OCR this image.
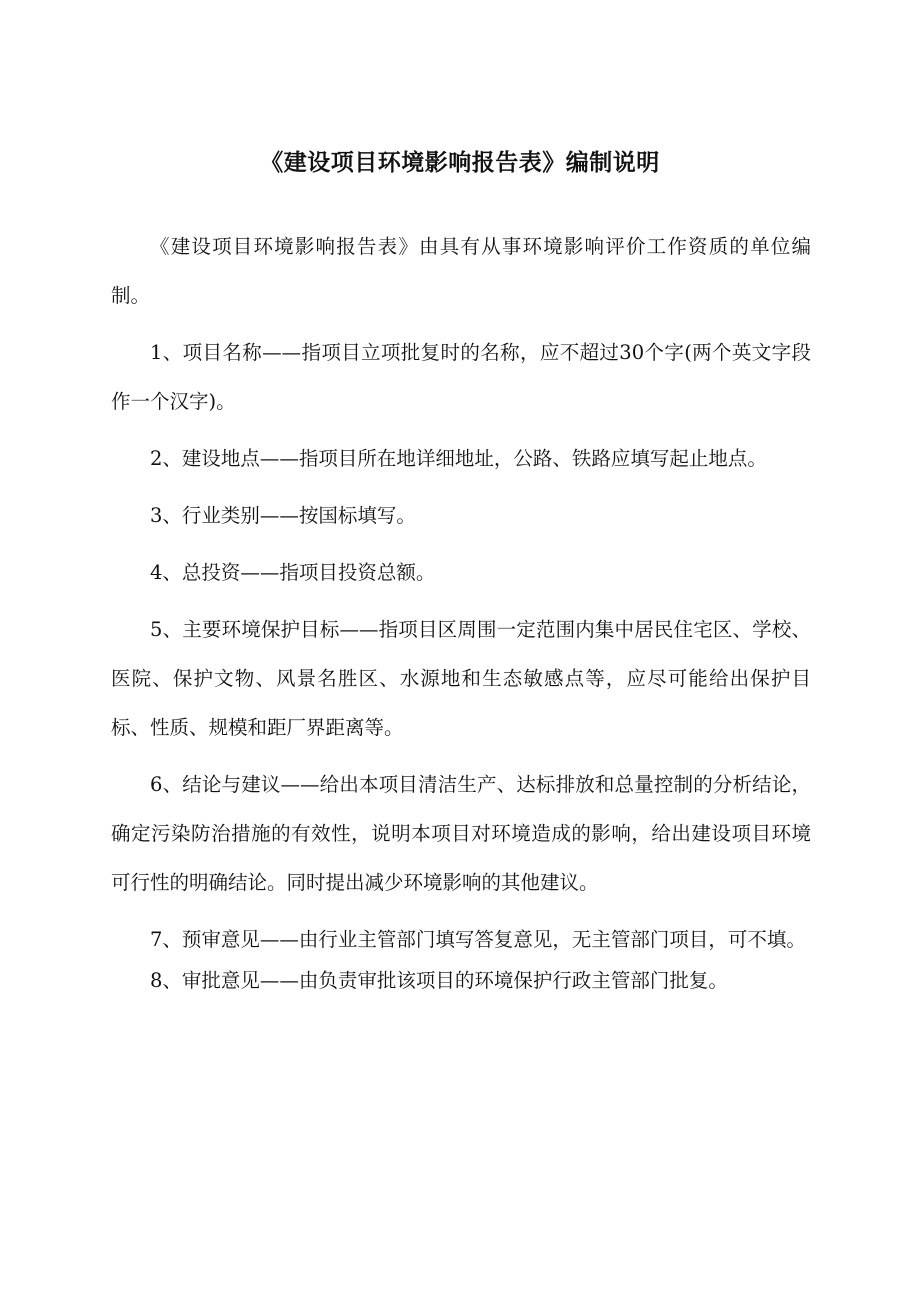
《建设项目环境影响报告表》编制说明

《建设项目环境影响报告表》由具有从事环境影响评价工作资质的单位编制。

1、项目名称——指项目立项批复时的名称，应不超过30个字(两个英文字段作一个汉字)。

2、建设地点——指项目所在地详细地址，公路、铁路应填写起止地点。

3、行业类别——按国标填写。

4、总投资——指项目投资总额。

5、主要环境保护目标——指项目区周围一定范围内集中居民住宅区、学校、医院、保护文物、风景名胜区、水源地和生态敏感点等，应尽可能给出保护目标、性质、规模和距厂界距离等。

6、结论与建议——给出本项目清洁生产、达标排放和总量控制的分析结论，确定污染防治措施的有效性，说明本项目对环境造成的影响，给出建设项目环境可行性的明确结论。同时提出减少环境影响的其他建议。

7、预审意见——由行业主管部门填写答复意见，无主管部门项目，可不填。

8、审批意见——由负责审批该项目的环境保护行政主管部门批复。
